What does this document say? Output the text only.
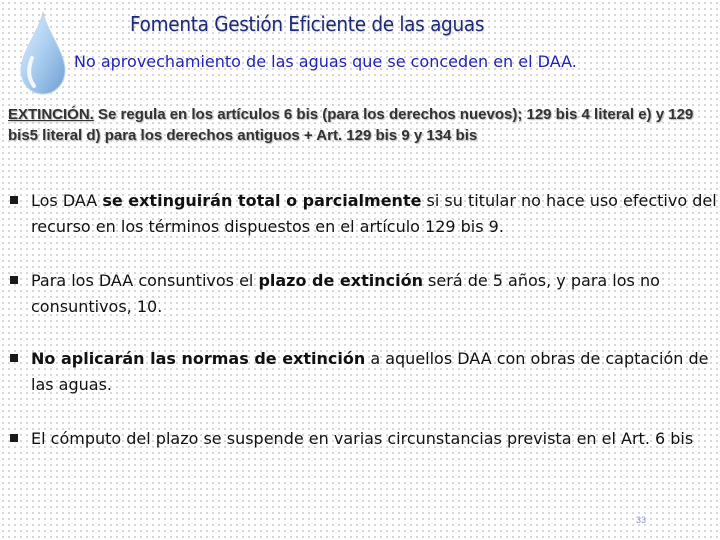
Fomenta Gestión Eficiente de las aguas
No aprovechamiento de las aguas que se conceden en el DAA.
EXTINCIÓN. Se regula en los artículos 6 bis (para los derechos nuevos); 129 bis 4 literal e) y 129 bis5 literal d) para los derechos antiguos + Art. 129 bis 9 y 134 bis
Los DAA se extinguirán total o parcialmente si su titular no hace uso efectivo del recurso en los términos dispuestos en el artículo 129 bis 9.
Para los DAA consuntivos el plazo de extinción será de 5 años, y para los no consuntivos, 10.
No aplicarán las normas de extinción a aquellos DAA con obras de captación de las aguas.
El cómputo del plazo se suspende en varias circunstancias prevista en el Art. 6 bis
33
